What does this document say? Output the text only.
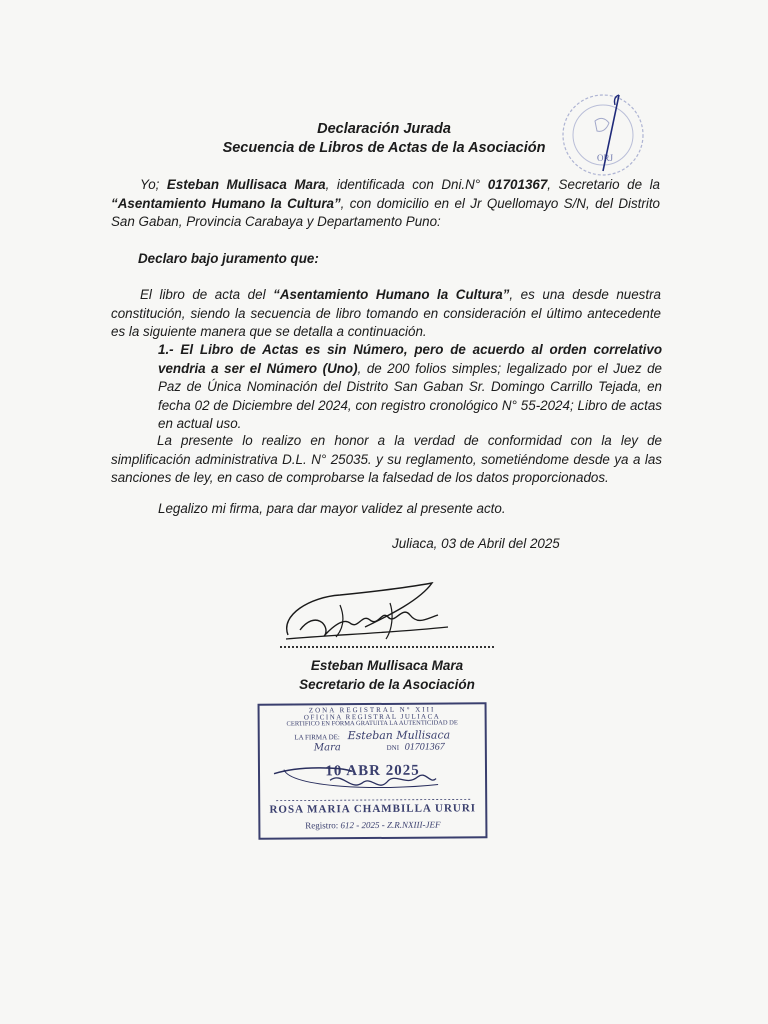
Declaración Jurada
Secuencia de Libros de Actas de la Asociación
ORJ
Yo; Esteban Mullisaca Mara, identificada con Dni.N° 01701367, Secretario de la “Asentamiento Humano la Cultura”, con domicilio en el Jr Quellomayo S/N, del Distrito San Gaban, Provincia Carabaya y Departamento Puno:
Declaro bajo juramento que:
El libro de acta del “Asentamiento Humano la Cultura”, es una desde nuestra constitución, siendo la secuencia de libro tomando en consideración el último antecedente es la siguiente manera que se detalla a continuación.
1.- El Libro de Actas es sin Número, pero de acuerdo al orden correlativo vendria a ser el Número (Uno), de 200 folios simples; legalizado por el Juez de Paz de Única Nominación del Distrito San Gaban Sr. Domingo Carrillo Tejada, en fecha 02 de Diciembre del 2024, con registro cronológico N° 55-2024; Libro de actas en actual uso.
La presente lo realizo en honor a la verdad de conformidad con la ley de simplificación administrativa D.L. N° 25035. y su reglamento, sometiéndome desde ya a las sanciones de ley, en caso de comprobarse la falsedad de los datos proporcionados.
Legalizo mi firma, para dar mayor validez al presente acto.
Juliaca, 03 de Abril del 2025
Esteban Mullisaca Mara
Secretario de la Asociación
ZONA REGISTRAL N° XIII
OFICINA REGISTRAL JULIACA
CERTIFICO EN FORMA GRATUITA LA AUTENTICIDAD DE
LA FIRMA DE: Esteban Mullisaca
Mara	DNI 01701367
10 ABR 2025
ROSA MARIA CHAMBILLA URURI
Registro: 612 - 2025 - Z.R.NXIII-JEF
